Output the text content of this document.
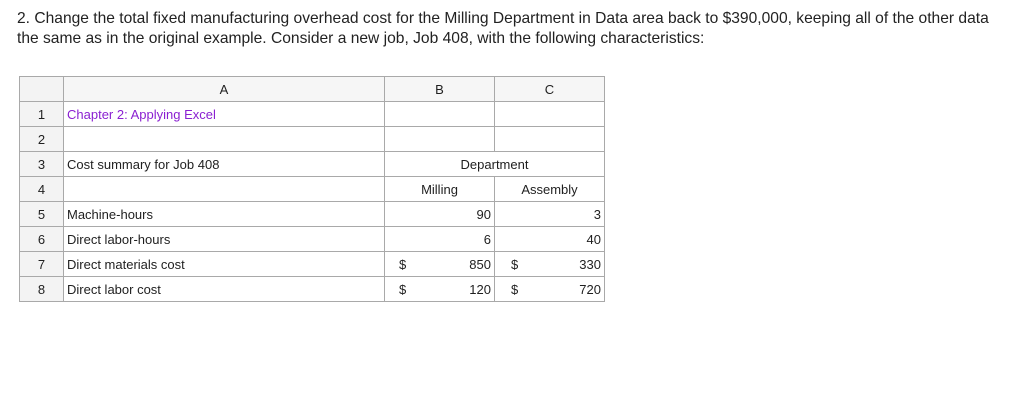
2. Change the total fixed manufacturing overhead cost for the Milling Department in Data area back to $390,000, keeping all of the other data the same as in the original example. Consider a new job, Job 408, with the following characteristics:
	A	B	C
1	Chapter 2: Applying Excel		
2			
3	Cost summary for Job 408	Department	
4		Milling	Assembly
5	Machine-hours	90	3
6	Direct labor-hours	6	40
7	Direct materials cost	$ 850	$ 330

8	Direct labor cost	$ 120	$ 720
